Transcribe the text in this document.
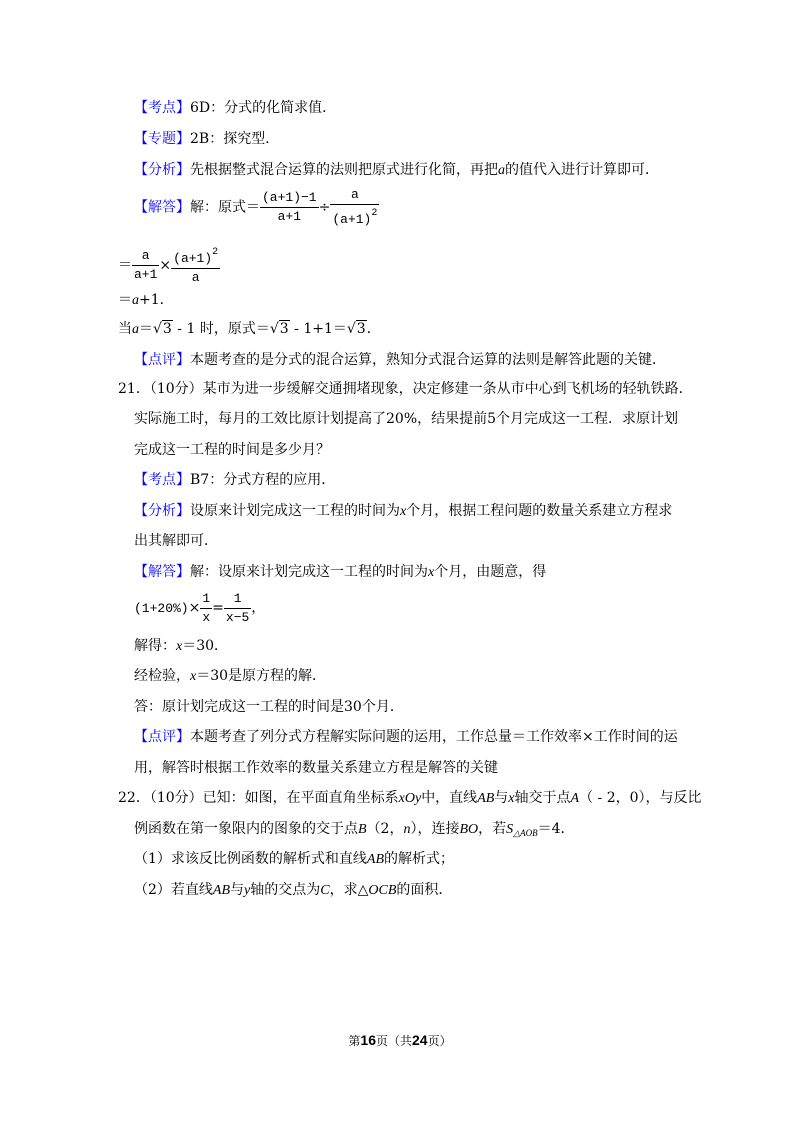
【考点】6D：分式的化简求值．
【专题】2B：探究型．
【分析】先根据整式混合运算的法则把原式进行化简，再把a的值代入进行计算即可．
【解答】解：原式＝ $\frac{(a+1)-1}{a+1} \div \frac{a}{(a+1)^2}$
＝ $\frac{a}{a+1} \times \frac{(a+1)^2}{a}$
＝a+1．
当a＝√3 - 1 时，原式＝√3 - 1+1＝√3．
【点评】本题考查的是分式的混合运算，熟知分式混合运算的法则是解答此题的关键．
21．（10分）某市为进一步缓解交通拥堵现象，决定修建一条从市中心到飞机场的轻轨铁路．
实际施工时，每月的工效比原计划提高了20%，结果提前5个月完成这一工程．求原计划
完成这一工程的时间是多少月？
【考点】B7：分式方程的应用．
【分析】设原来计划完成这一工程的时间为x个月，根据工程问题的数量关系建立方程求
出其解即可．
【解答】解：设原来计划完成这一工程的时间为x个月，由题意，得
$(1+20\%)\times \frac{1}{x} = \frac{1}{x-5}$ ，
解得：x＝30．
经检验，x＝30是原方程的解．
答：原计划完成这一工程的时间是30个月．
【点评】本题考查了列分式方程解实际问题的运用，工作总量＝工作效率×工作时间的运
用，解答时根据工作效率的数量关系建立方程是解答的关键
22．（10分）已知：如图，在平面直角坐标系xOy中，直线AB与x轴交于点A（ - 2，0），与反比
例函数在第一象限内的图象的交于点B（2，n），连接BO，若$S_{\triangle AOB}=4$．
（1）求该反比例函数的解析式和直线AB的解析式；
（2）若直线AB与y轴的交点为C，求△OCB的面积．
第16页（共24页）
